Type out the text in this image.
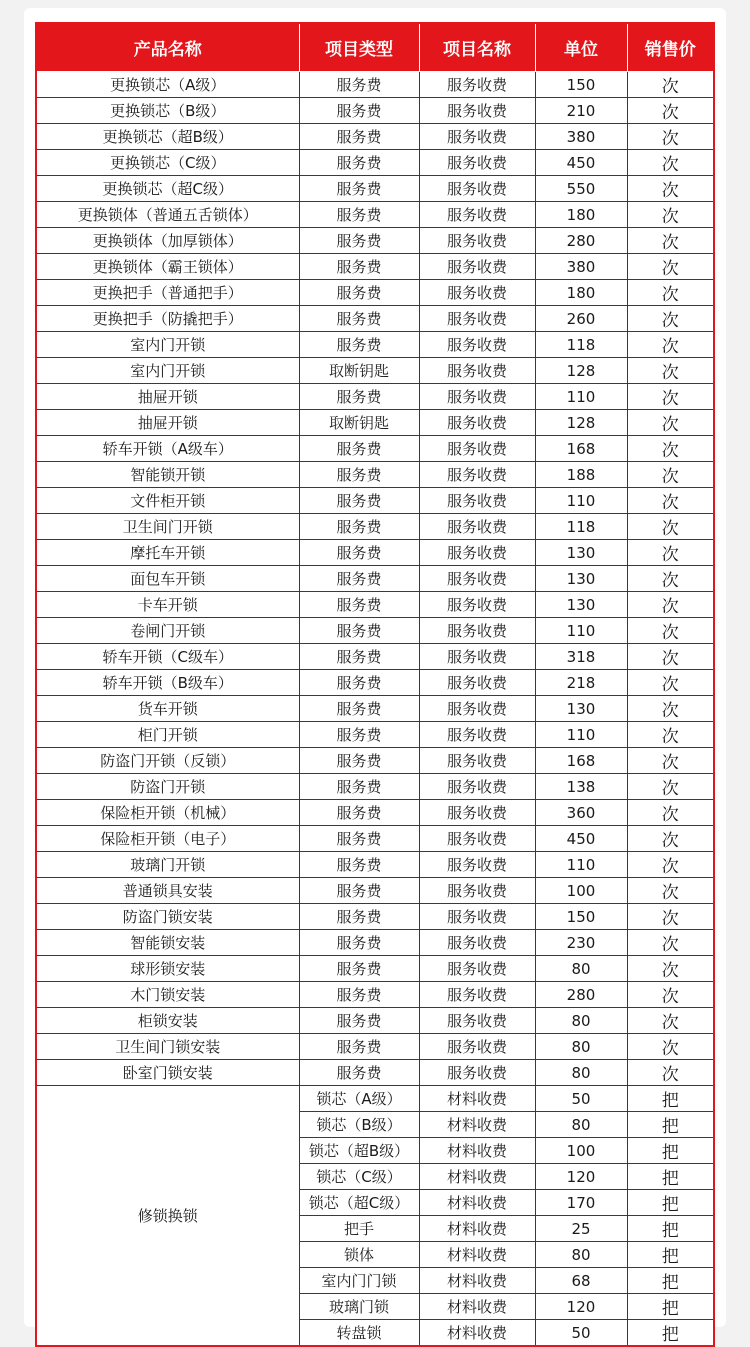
产品名称	项目类型	项目名称	单位	销售价
更换锁芯（A级）	服务费	服务收费	150	次
更换锁芯（B级）	服务费	服务收费	210	次
更换锁芯（超B级）	服务费	服务收费	380	次
更换锁芯（C级）	服务费	服务收费	450	次
更换锁芯（超C级）	服务费	服务收费	550	次
更换锁体（普通五舌锁体）	服务费	服务收费	180	次
更换锁体（加厚锁体）	服务费	服务收费	280	次
更换锁体（霸王锁体）	服务费	服务收费	380	次
更换把手（普通把手）	服务费	服务收费	180	次
更换把手（防撬把手）	服务费	服务收费	260	次
室内门开锁	服务费	服务收费	118	次
室内门开锁	取断钥匙	服务收费	128	次
抽屉开锁	服务费	服务收费	110	次
抽屉开锁	取断钥匙	服务收费	128	次
轿车开锁（A级车）	服务费	服务收费	168	次
智能锁开锁	服务费	服务收费	188	次
文件柜开锁	服务费	服务收费	110	次
卫生间门开锁	服务费	服务收费	118	次
摩托车开锁	服务费	服务收费	130	次
面包车开锁	服务费	服务收费	130	次
卡车开锁	服务费	服务收费	130	次
卷闸门开锁	服务费	服务收费	110	次
轿车开锁（C级车）	服务费	服务收费	318	次
轿车开锁（B级车）	服务费	服务收费	218	次
货车开锁	服务费	服务收费	130	次
柜门开锁	服务费	服务收费	110	次
防盗门开锁（反锁）	服务费	服务收费	168	次
防盗门开锁	服务费	服务收费	138	次
保险柜开锁（机械）	服务费	服务收费	360	次
保险柜开锁（电子）	服务费	服务收费	450	次
玻璃门开锁	服务费	服务收费	110	次
普通锁具安装	服务费	服务收费	100	次
防盗门锁安装	服务费	服务收费	150	次
智能锁安装	服务费	服务收费	230	次
球形锁安装	服务费	服务收费	80	次
木门锁安装	服务费	服务收费	280	次
柜锁安装	服务费	服务收费	80	次
卫生间门锁安装	服务费	服务收费	80	次
卧室门锁安装	服务费	服务收费	80	次
修锁换锁	锁芯（A级）	材料收费	50	把
	锁芯（B级）	材料收费	80	把
	锁芯（超B级）	材料收费	100	把
	锁芯（C级）	材料收费	120	把
	锁芯（超C级）	材料收费	170	把
	把手	材料收费	25	把
	锁体	材料收费	80	把
	室内门门锁	材料收费	68	把
	玻璃门锁	材料收费	120	把
	转盘锁	材料收费	50	把
